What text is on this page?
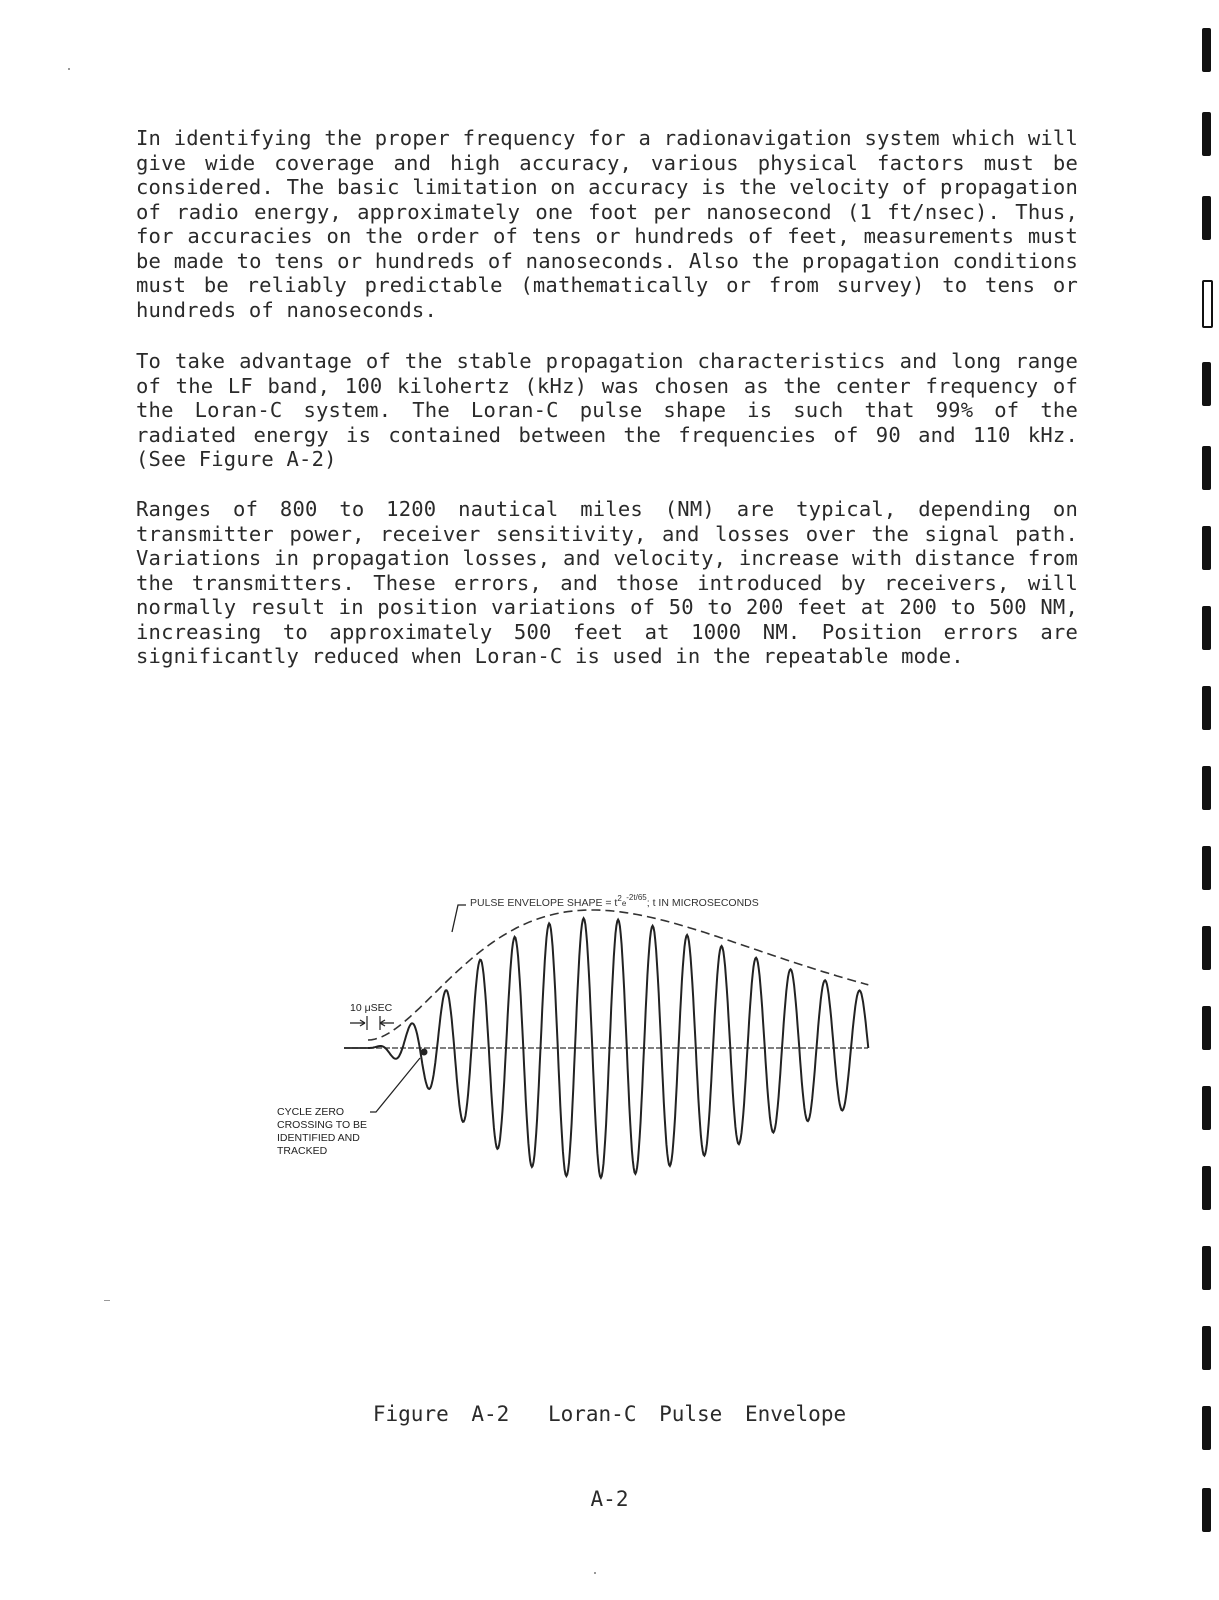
In identifying the proper frequency for a radionavigation system which will give wide coverage and high accuracy, various physical factors must be considered. The basic limitation on accuracy is the velocity of propagation of radio energy, approximately one foot per nanosecond (1 ft/nsec). Thus, for accuracies on the order of tens or hundreds of feet, measurements must be made to tens or hundreds of nanoseconds. Also the propagation conditions must be reliably predictable (mathematically or from survey) to tens or hundreds of nanoseconds.

To take advantage of the stable propagation characteristics and long range of the LF band, 100 kilohertz (kHz) was chosen as the center frequency of the Loran-C system. The Loran-C pulse shape is such that 99% of the radiated energy is contained between the frequencies of 90 and 110 kHz. (See Figure A-2)

Ranges of 800 to 1200 nautical miles (NM) are typical, depending on transmitter power, receiver sensitivity, and losses over the signal path. Variations in propagation losses, and velocity, increase with distance from the transmitters. These errors, and those introduced by receivers, will normally result in position variations of 50 to 200 feet at 200 to 500 NM, increasing to approximately 500 feet at 1000 NM. Position errors are significantly reduced when Loran-C is used in the repeatable mode.

PULSE ENVELOPE SHAPE = $t^2_e^{-2t/65}$; t IN MICROSECONDS
10 μSEC
CYCLE ZERO CROSSING TO BE IDENTIFIED AND TRACKED
Figure A-2 Loran-C Pulse Envelope
A-2
